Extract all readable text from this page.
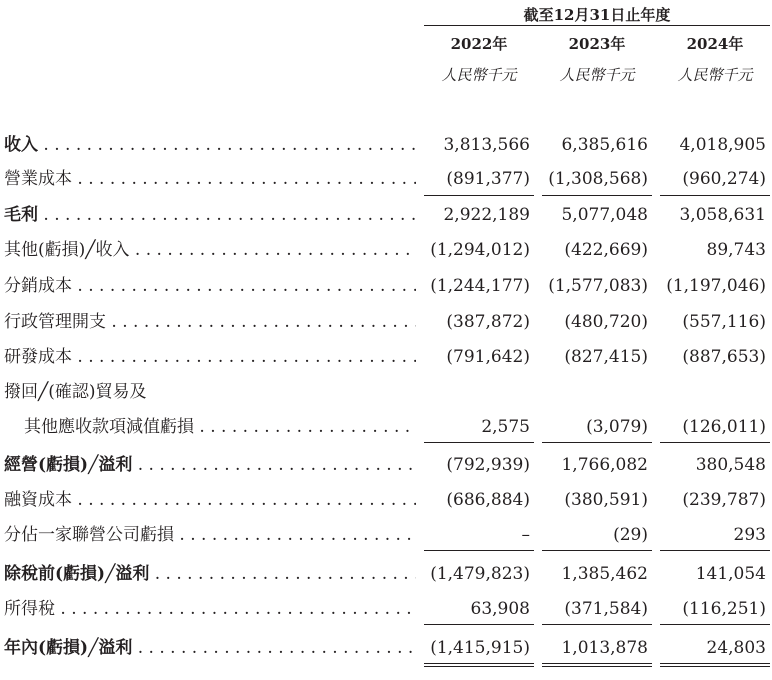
截至12月31日止年度
2022年	2023年	2024年
人民幣千元	人民幣千元	人民幣千元
收入 . . .	3,813,566	6,385,616	4,018,905
營業成本 . . .	(891,377)	(1,308,568)	(960,274)
毛利 . . .	2,922,189	5,077,048	3,058,631
其他(虧損)╱收入 . . .	(1,294,012)	(422,669)	89,743
分銷成本 . . .	(1,244,177)	(1,577,083)	(1,197,046)
行政管理開支 . . .	(387,872)	(480,720)	(557,116)
研發成本 . . .	(791,642)	(827,415)	(887,653)
撥回╱(確認)貿易及
其他應收款項減值虧損 . . .	2,575	(3,079)	(126,011)
經營(虧損)╱溢利 . . .	(792,939)	1,766,082	380,548
融資成本 . . .	(686,884)	(380,591)	(239,787)
分佔一家聯營公司虧損 . . .	–	(29)	293
除稅前(虧損)╱溢利 . . .	(1,479,823)	1,385,462	141,054
所得稅 . . .	63,908	(371,584)	(116,251)
年內(虧損)╱溢利 . . .	(1,415,915)	1,013,878	24,803
